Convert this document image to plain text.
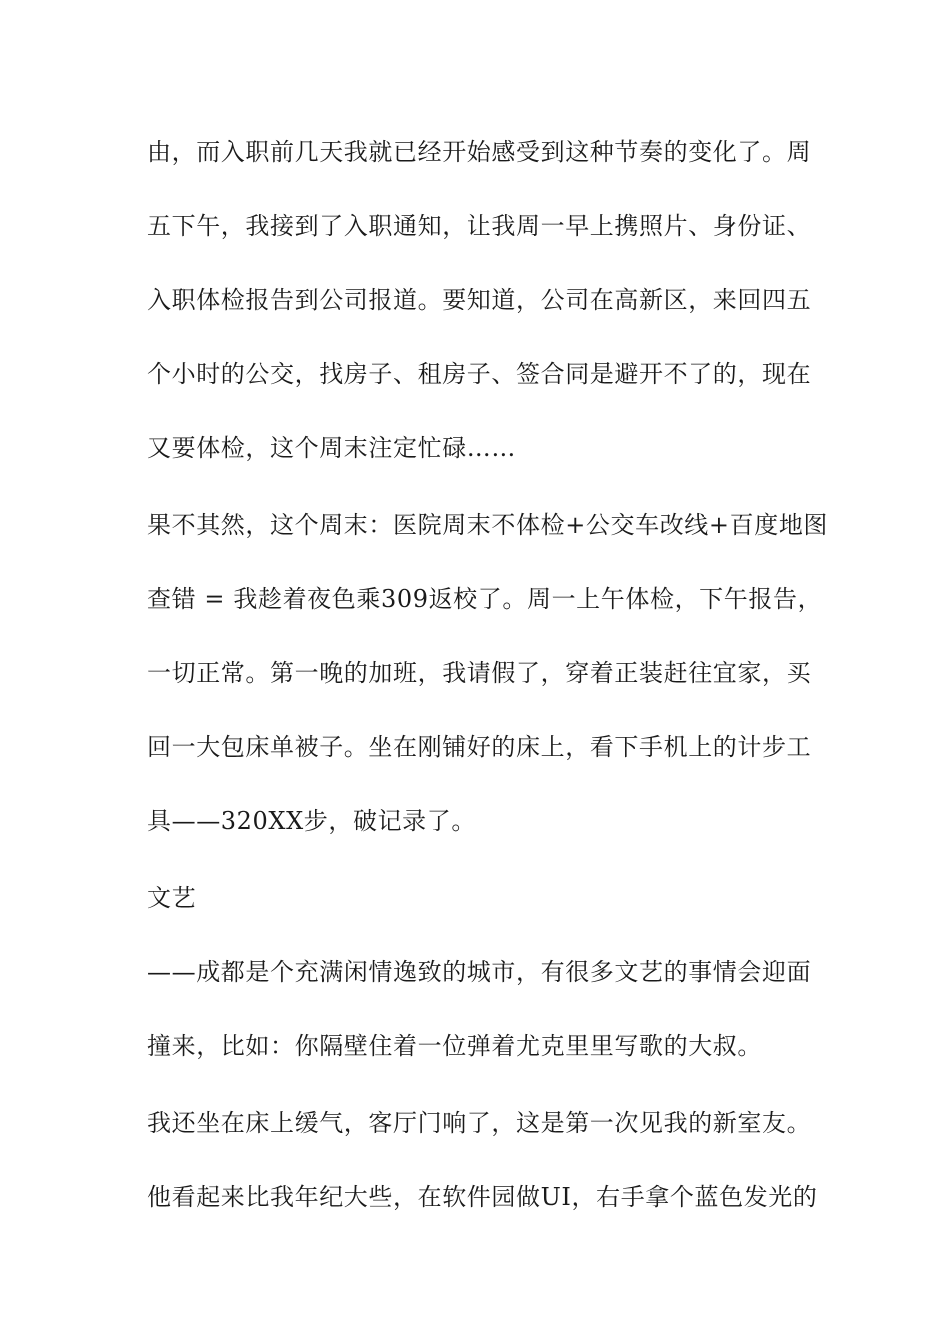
由，而入职前几天我就已经开始感受到这种节奏的变化了。周
五下午，我接到了入职通知，让我周一早上携照片、身份证、
入职体检报告到公司报道。要知道，公司在高新区，来回四五
个小时的公交，找房子、租房子、签合同是避开不了的，现在
又要体检，这个周末注定忙碌……
果不其然，这个周末：医院周末不体检+公交车改线+百度地图
查错 = 我趁着夜色乘309返校了。周一上午体检，下午报告，
一切正常。第一晚的加班，我请假了，穿着正装赶往宜家，买
回一大包床单被子。坐在刚铺好的床上，看下手机上的计步工
具——320XX步，破记录了。
文艺
——成都是个充满闲情逸致的城市，有很多文艺的事情会迎面
撞来，比如：你隔壁住着一位弹着尤克里里写歌的大叔。
我还坐在床上缓气，客厅门响了，这是第一次见我的新室友。
他看起来比我年纪大些，在软件园做UI，右手拿个蓝色发光的
